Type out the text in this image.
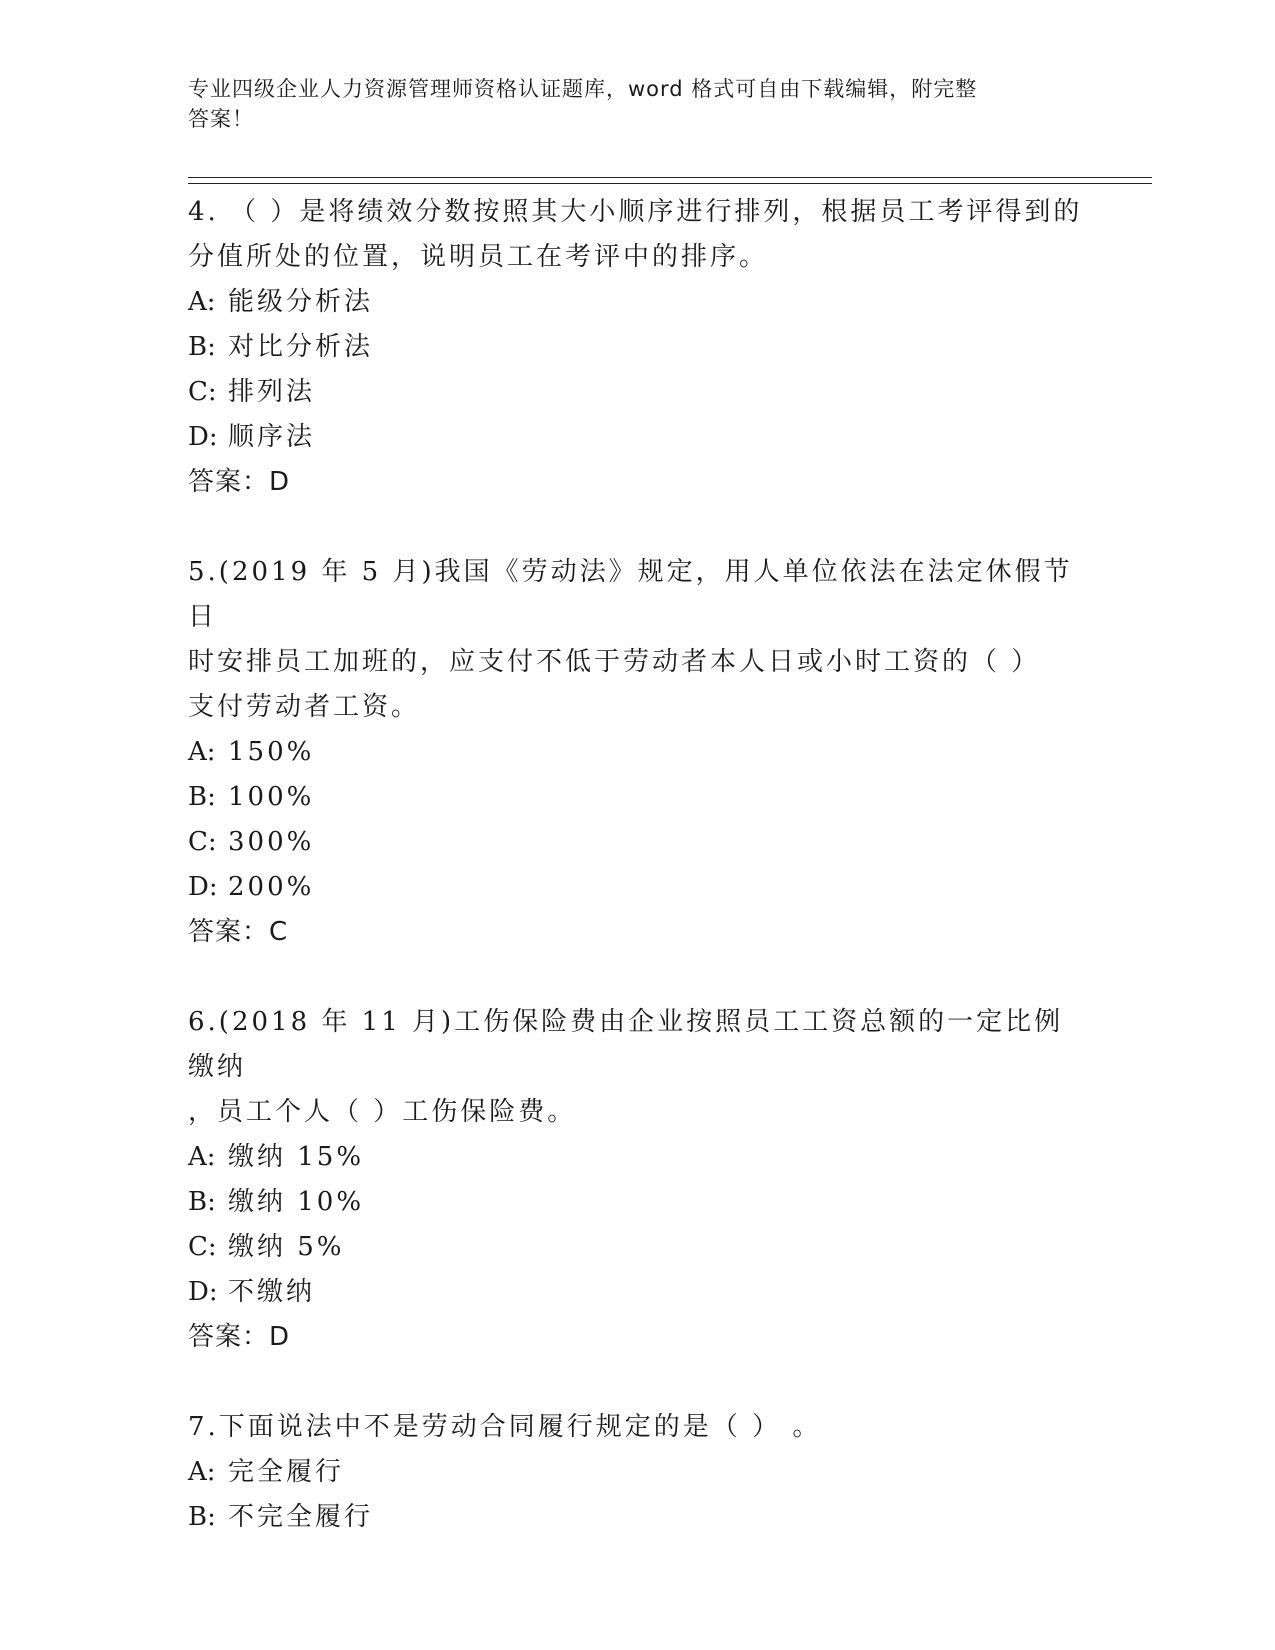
专业四级企业人力资源管理师资格认证题库，word 格式可自由下载编辑，附完整
答案！
4. （ ）是将绩效分数按照其大小顺序进行排列，根据员工考评得到的
分值所处的位置，说明员工在考评中的排序。
A: 能级分析法
B: 对比分析法
C: 排列法
D: 顺序法
答案：D
5.(2019 年 5 月)我国《劳动法》规定，用人单位依法在法定休假节日
时安排员工加班的，应支付不低于劳动者本人日或小时工资的（ ）
支付劳动者工资。
A: 150%
B: 100%
C: 300%
D: 200%
答案：C
6.(2018 年 11 月)工伤保险费由企业按照员工工资总额的一定比例缴纳
，员工个人（ ）工伤保险费。
A: 缴纳 15%
B: 缴纳 10%
C: 缴纳 5%
D: 不缴纳
答案：D
7.下面说法中不是劳动合同履行规定的是（ ） 。
A: 完全履行
B: 不完全履行
